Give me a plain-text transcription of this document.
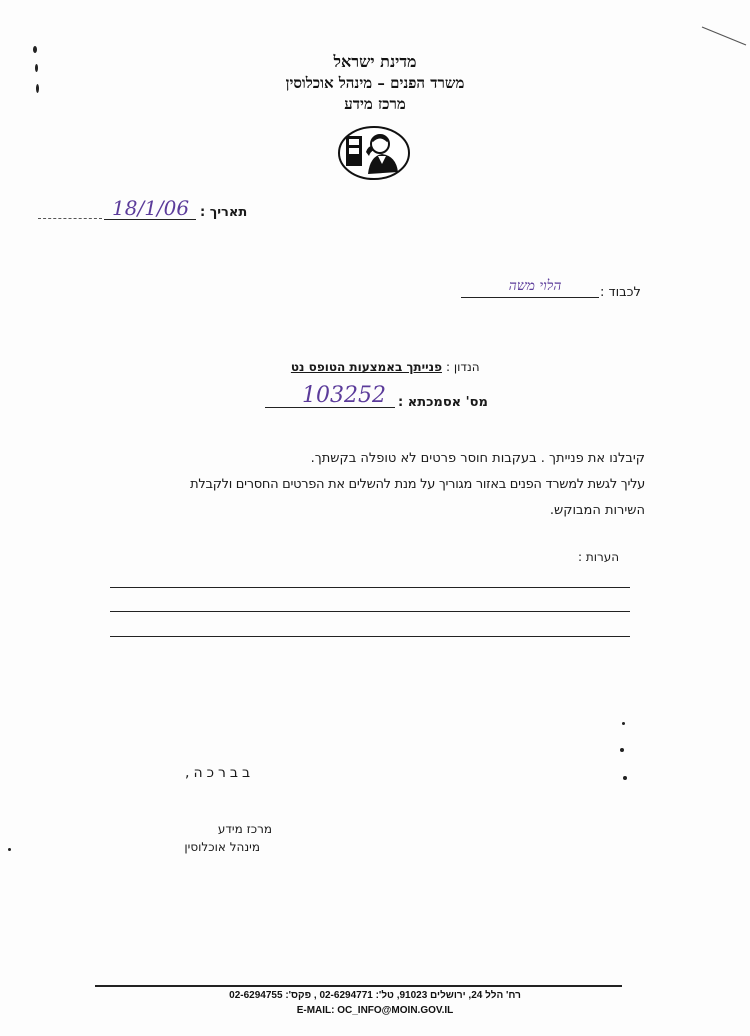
מדינת ישראל
משרד הפנים – מינהל אוכלוסין
מרכז מידע
18/1/06 תאריך :
הלוי משה	לכבוד :
הנדון :
פנייתך באמצעות הטופס נט
103252 מס' אסמכתא :
קיבלנו את פנייתך . בעקבות חוסר פרטים לא טופלה בקשתך.
עליך לגשת למשרד הפנים באזור מגוריך על מנת להשלים את הפרטים החסרים ולקבלת
השירות המבוקש.
הערות :
בברכה,
מרכז מידע
מינהל אוכלוסין
רח' הלל 24, ירושלים 91023, טל': 02-6294771 , פקס': 02-6294755
E-MAIL: OC_INFO@MOIN.GOV.IL
